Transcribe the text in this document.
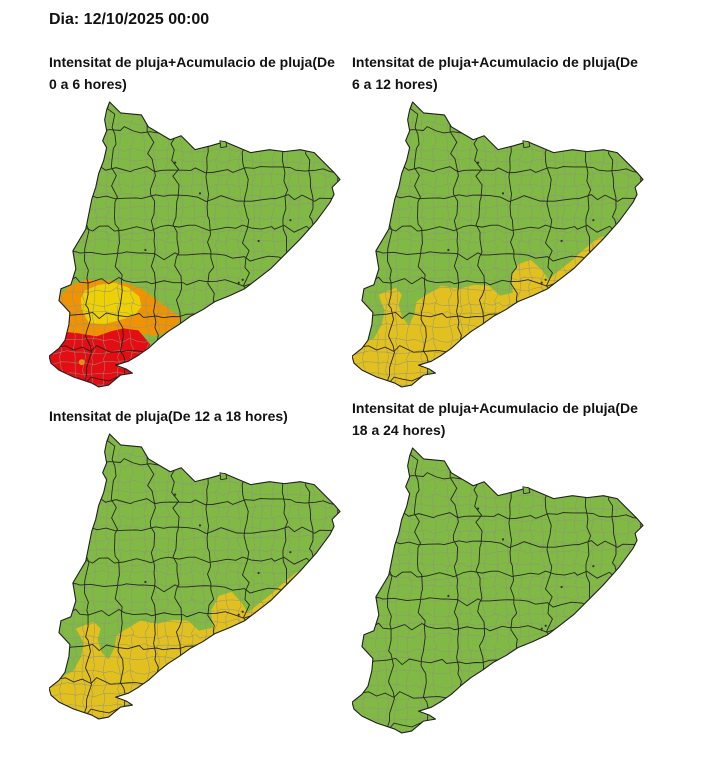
Dia: 12/10/2025 00:00
Intensitat de pluja+Acumulacio de pluja(De
0 a 6 hores)
Intensitat de pluja(De 12 a 18 hores)
Intensitat de pluja+Acumulacio de pluja(De
6 a 12 hores)
Intensitat de pluja+Acumulacio de pluja(De
18 a 24 hores)
